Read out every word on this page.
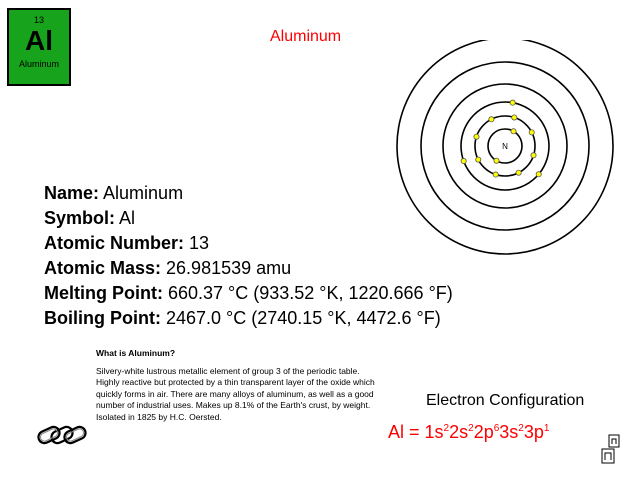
13
Al
Aluminum
Aluminum
N
Name: Aluminum
Symbol: Al
Atomic Number: 13
Atomic Mass: 26.981539 amu
Melting Point: 660.37 °C (933.52 °K, 1220.666 °F)
Boiling Point: 2467.0 °C (2740.15 °K, 4472.6 °F)
What is Aluminum?
Silvery-white lustrous metallic element of group 3 of the periodic table. Highly reactive but protected by a thin transparent layer of the oxide which quickly forms in air. There are many alloys of aluminum, as well as a good number of industrial uses. Makes up 8.1% of the Earth's crust, by weight. Isolated in 1825 by H.C. Oersted.
Electron Configuration
$Al = 1s^22s^22p^63s^23p^1$
